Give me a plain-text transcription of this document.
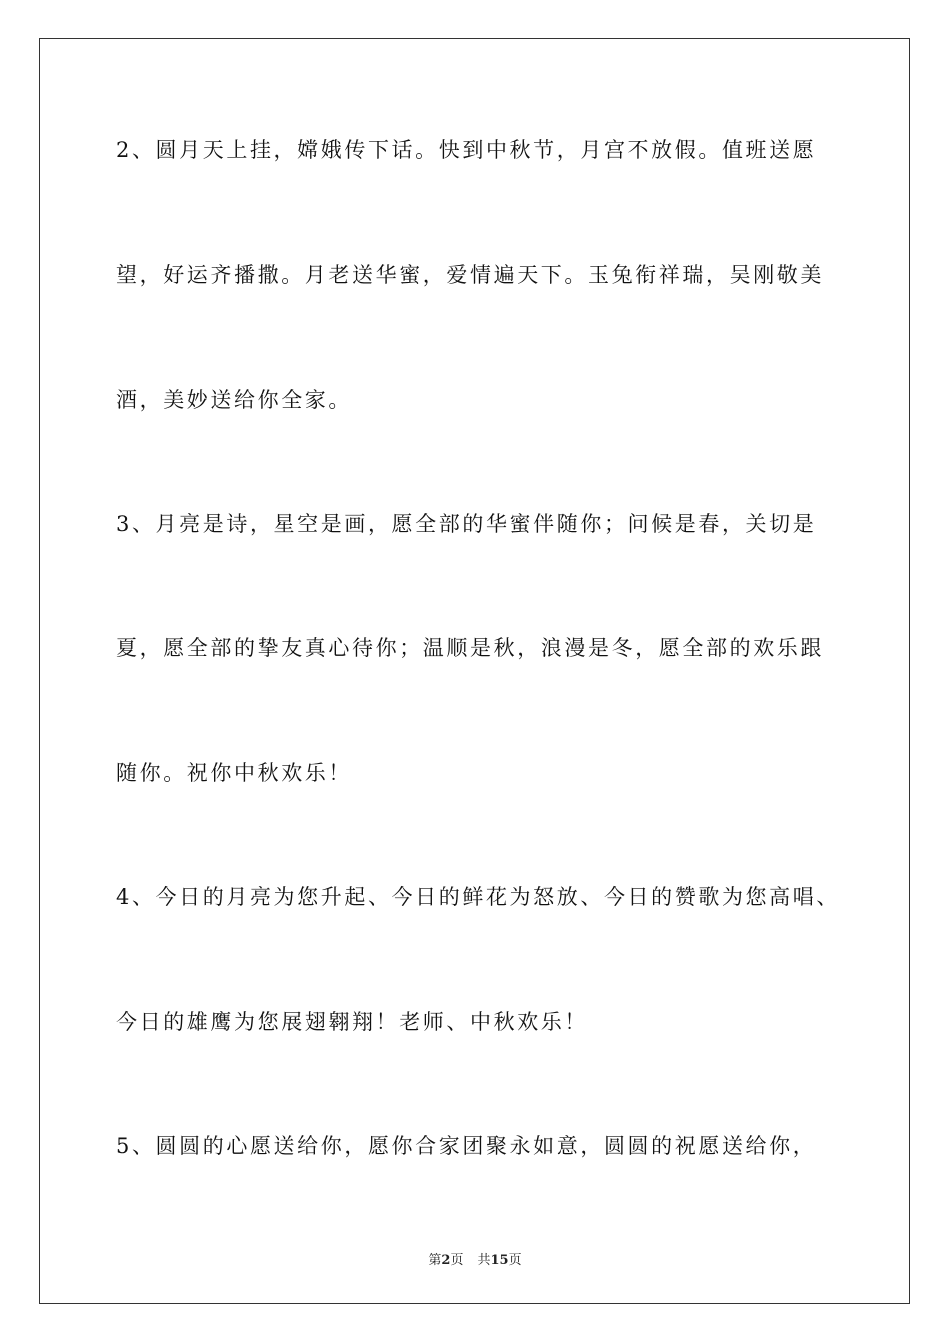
2、圆月天上挂，嫦娥传下话。快到中秋节，月宫不放假。值班送愿
望，好运齐播撒。月老送华蜜，爱情遍天下。玉兔衔祥瑞，吴刚敬美
酒，美妙送给你全家。
3、月亮是诗，星空是画，愿全部的华蜜伴随你；问候是春，关切是
夏，愿全部的挚友真心待你；温顺是秋，浪漫是冬，愿全部的欢乐跟
随你。祝你中秋欢乐！
4、今日的月亮为您升起、今日的鲜花为怒放、今日的赞歌为您高唱、
今日的雄鹰为您展翅翱翔！老师、中秋欢乐！
5、圆圆的心愿送给你，愿你合家团聚永如意，圆圆的祝愿送给你，
第2页 共15页
